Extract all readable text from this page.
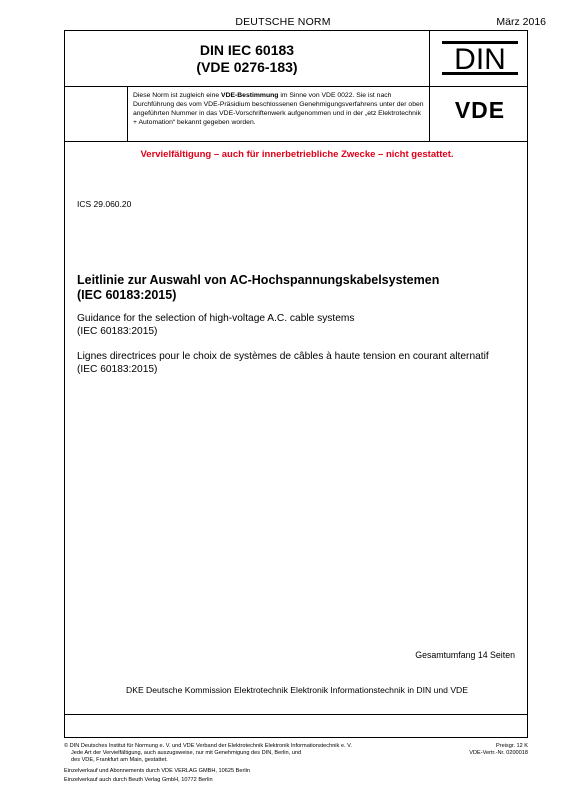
DEUTSCHE NORM	März 2016
DIN IEC 60183
(VDE 0276-183)	DIN
Diese Norm ist zugleich eine VDE-Bestimmung im Sinne von VDE 0022. Sie ist nach Durchführung des vom VDE-Präsidium beschlossenen Genehmigungsverfahrens unter der oben angeführten Nummer in das VDE-Vorschriftenwerk aufgenommen und in der „etz Elektrotechnik + Automation“ bekannt gegeben worden.	VDE
Vervielfältigung – auch für innerbetriebliche Zwecke – nicht gestattet.
ICS 29.060.20
Leitlinie zur Auswahl von AC-Hochspannungskabelsystemen
(IEC 60183:2015)
Guidance for the selection of high-voltage A.C. cable systems
(IEC 60183:2015)
Lignes directrices pour le choix de systèmes de câbles à haute tension en courant alternatif
(IEC 60183:2015)
Gesamtumfang 14 Seiten
DKE Deutsche Kommission Elektrotechnik Elektronik Informationstechnik in DIN und VDE
© DIN Deutsches Institut für Normung e. V. und VDE Verband der Elektrotechnik Elektronik Informationstechnik e. V.
Jede Art der Vervielfältigung, auch auszugsweise, nur mit Genehmigung des DIN, Berlin, und
des VDE, Frankfurt am Main, gestattet.
Preisgr. 12 K
VDE-Vertr.-Nr. 0200018
Einzelverkauf und Abonnements durch VDE VERLAG GMBH, 10625 Berlin
Einzelverkauf auch durch Beuth Verlag GmbH, 10772 Berlin
